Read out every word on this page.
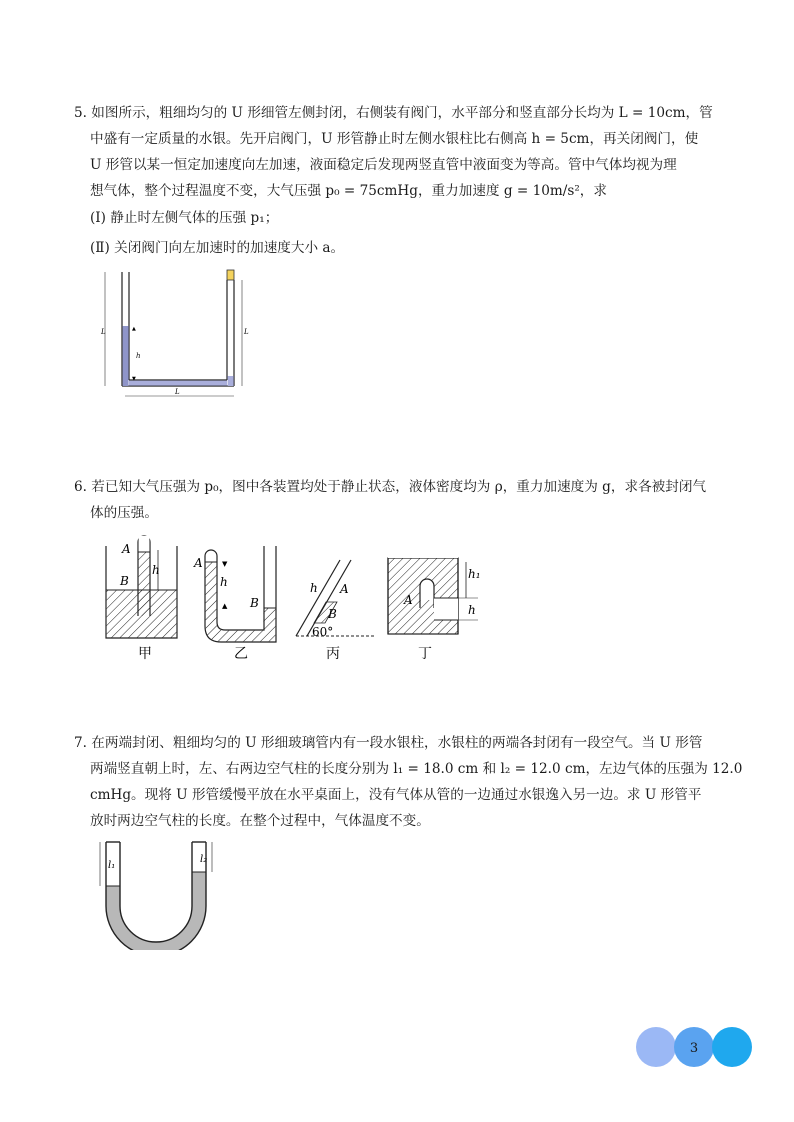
5. 如图所示，粗细均匀的 U 形细管左侧封闭，右侧装有阀门，水平部分和竖直部分长均为 L = 10cm，管
中盛有一定质量的水银。先开启阀门，U 形管静止时左侧水银柱比右侧高 h = 5cm，再关闭阀门，使
U 形管以某一恒定加速度向左加速，液面稳定后发现两竖直管中液面变为等高。管中气体均视为理
想气体，整个过程温度不变，大气压强 p₀ = 75cmHg，重力加速度 g = 10m/s²，求
(Ⅰ) 静止时左侧气体的压强 p₁；
(Ⅱ) 关闭阀门向左加速时的加速度大小 a。
L	▲
h
▼
L
L
6. 若已知大气压强为 p₀，图中各装置均处于静止状态，液体密度均为 ρ，重力加速度为 g，求各被封闭气
体的压强。
A
B
h
甲
A
h
B
▼
▲
乙
h A
B
60°
丙
A
h₁
h
丁
7. 在两端封闭、粗细均匀的 U 形细玻璃管内有一段水银柱，水银柱的两端各封闭有一段空气。当 U 形管
两端竖直朝上时，左、右两边空气柱的长度分别为 l₁ = 18.0 cm 和 l₂ = 12.0 cm，左边气体的压强为 12.0
cmHg。现将 U 形管缓慢平放在水平桌面上，没有气体从管的一边通过水银逸入另一边。求 U 形管平
放时两边空气柱的长度。在整个过程中，气体温度不变。
l₁
l₂
3
